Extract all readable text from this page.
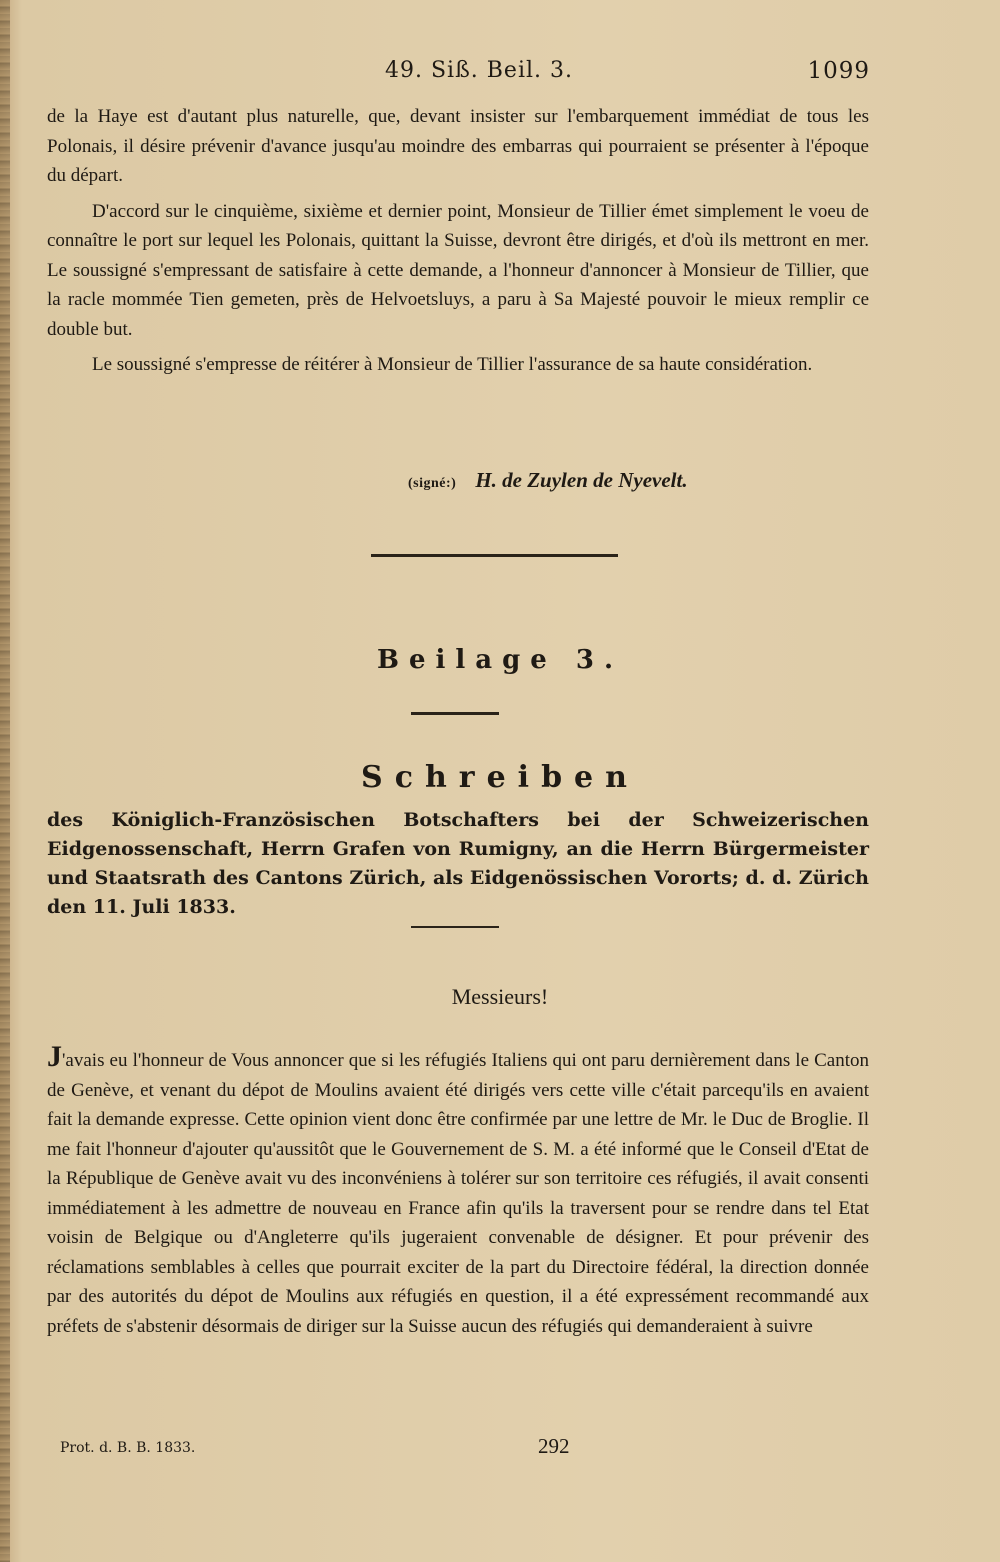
49. Siß. Beil. 3.	1099

de la Haye est d'autant plus naturelle, que, devant insister sur l'embarquement immédiat de tous les Polonais, il désire prévenir d'avance jusqu'au moindre des embarras qui pourraient se présenter à l'époque du départ.

D'accord sur le cinquième, sixième et dernier point, Monsieur de Tillier émet simplement le voeu de connaître le port sur lequel les Polonais, quittant la Suisse, devront être dirigés, et d'où ils mettront en mer. Le soussigné s'empressant de satisfaire à cette demande, a l'honneur d'annoncer à Monsieur de Tillier, que la racle mommée Tien gemeten, près de Helvoetsluys, a paru à Sa Majesté pouvoir le mieux remplir ce double but.

Le soussigné s'empresse de réitérer à Monsieur de Tillier l'assurance de sa haute considération.

(signé:) H. de Zuylen de Nyevelt.
Beilage 3.
Schreiben
des Königlich-Französischen Botschafters bei der Schweizerischen Eidgenossenschaft, Herrn Grafen von Rumigny, an die Herrn Bürgermeister und Staatsrath des Cantons Zürich, als Eidgenössischen Vororts; d. d. Zürich den 11. Juli 1833.
Messieurs!

J'avais eu l'honneur de Vous annoncer que si les réfugiés Italiens qui ont paru dernièrement dans le Canton de Genève, et venant du dépot de Moulins avaient été dirigés vers cette ville c'était parcequ'ils en avaient fait la demande expresse. Cette opinion vient donc être confirmée par une lettre de Mr. le Duc de Broglie. Il me fait l'honneur d'ajouter qu'aussitôt que le Gouvernement de S. M. a été informé que le Conseil d'Etat de la République de Genève avait vu des inconvéniens à tolérer sur son territoire ces réfugiés, il avait consenti immédiatement à les admettre de nouveau en France afin qu'ils la traversent pour se rendre dans tel Etat voisin de Belgique ou d'Angleterre qu'ils jugeraient convenable de désigner. Et pour prévenir des réclamations semblables à celles que pourrait exciter de la part du Directoire fédéral, la direction donnée par des autorités du dépot de Moulins aux réfugiés en question, il a été expressément recommandé aux préfets de s'abstenir désormais de diriger sur la Suisse aucun des réfugiés qui demanderaient à suivre

Prot. d. B. B. 1833.	292
